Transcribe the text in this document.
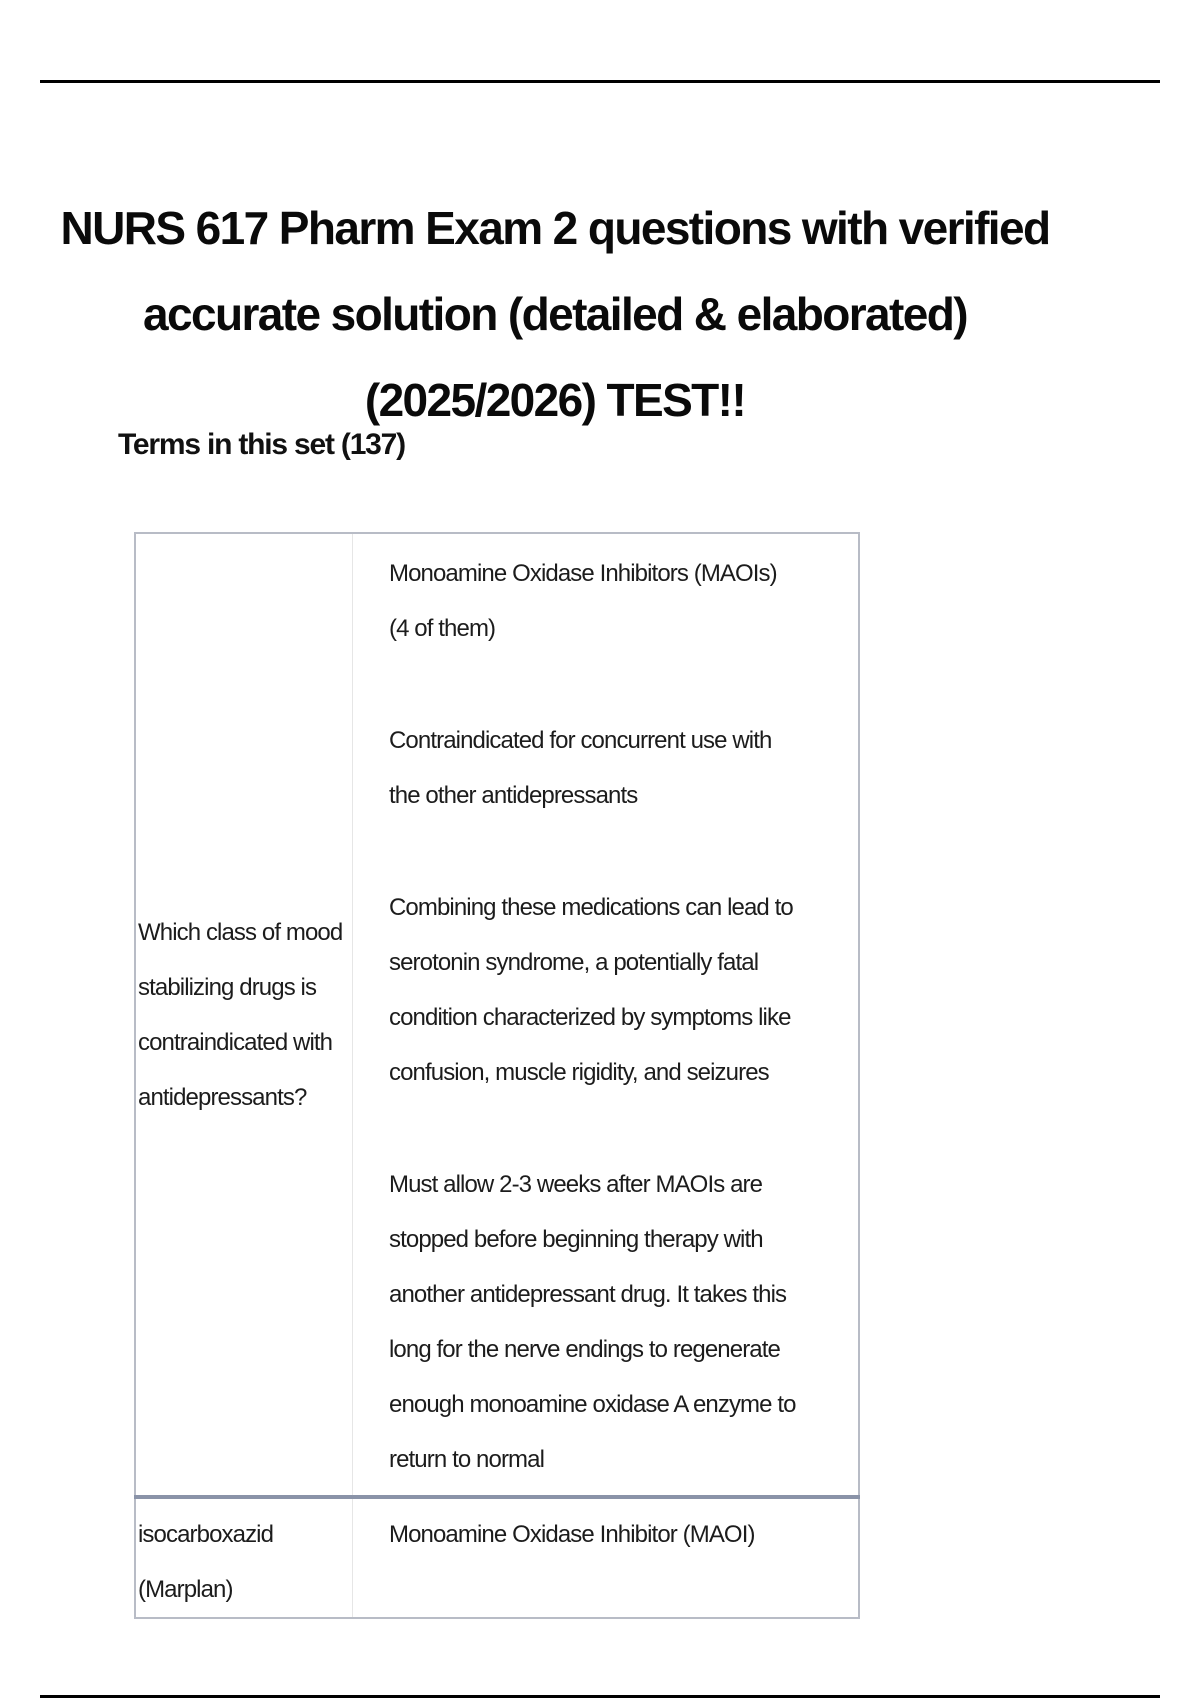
NURS 617 Pharm Exam 2 questions with verified accurate solution (detailed & elaborated) (2025/2026) TEST!!
Terms in this set (137)
Which class of mood stabilizing drugs is contraindicated with antidepressants?	Monoamine Oxidase Inhibitors (MAOIs) (4 of them)

Contraindicated for concurrent use with the other antidepressants

Combining these medications can lead to serotonin syndrome, a potentially fatal condition characterized by symptoms like confusion, muscle rigidity, and seizures

Must allow 2-3 weeks after MAOIs are stopped before beginning therapy with another antidepressant drug. It takes this long for the nerve endings to regenerate enough monoamine oxidase A enzyme to return to normal

isocarboxazid (Marplan)	Monoamine Oxidase Inhibitor (MAOI)
